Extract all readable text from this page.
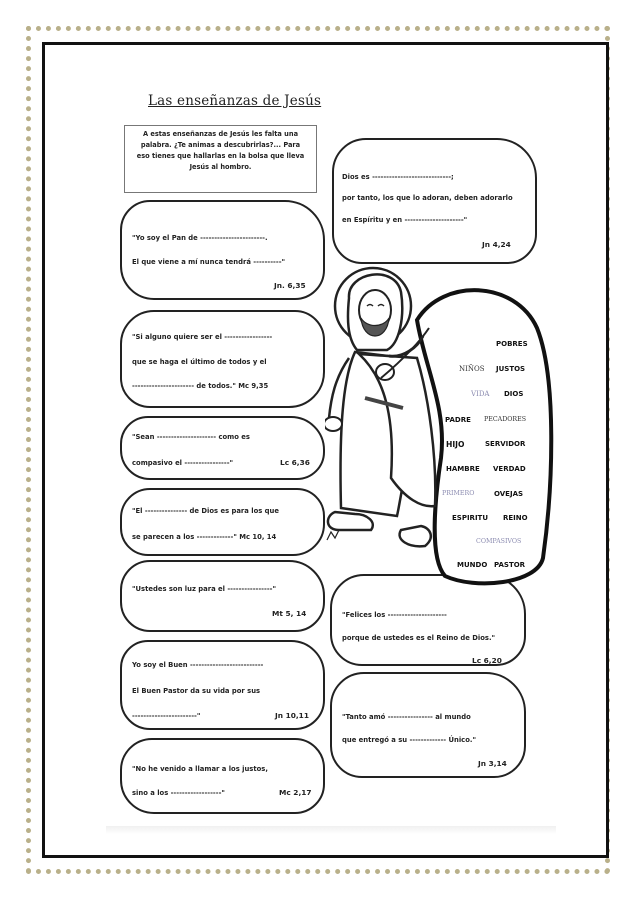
Las enseñanzas de Jesús
A estas enseñanzas de Jesús les falta una
palabra. ¿Te animas a descubrirlas?... Para
eso tienes que hallarlas en la bolsa que lleva
Jesús al hombro.
"Yo soy el Pan de -----------------------.
El que viene a mí nunca tendrá ----------"
Jn. 6,35
"Si alguno quiere ser el -----------------
que se haga el último de todos y el
---------------------- de todos." Mc 9,35
"Sean --------------------- como es
compasivo el ----------------"	Lc 6,36
"El --------------- de Dios es para los que
se parecen a los -------------" Mc 10, 14
"Ustedes son luz para el ----------------"
Mt 5, 14
Yo soy el Buen --------------------------
El Buen Pastor da su vida por sus
-----------------------"	Jn 10,11
"No he venido a llamar a los justos,
sino a los ------------------"	Mc 2,17
Dios es ----------------------------;
por tanto, los que lo adoran, deben adorarlo
en Espíritu y en ---------------------"
Jn 4,24
"Felices los ---------------------
porque de ustedes es el Reino de Dios."
Lc 6,20
"Tanto amó ---------------- al mundo
que entregó a su ------------- Único."
Jn 3,14
POBRES
NIÑOS JUSTOS
VIDA DIOS
PADRE PECADORES
HIJO	SERVIDOR
HAMBRE VERDAD
PRIMERO	OVEJAS
ESPIRITU REINO
COMPASIVOS
MUNDO PASTOR
